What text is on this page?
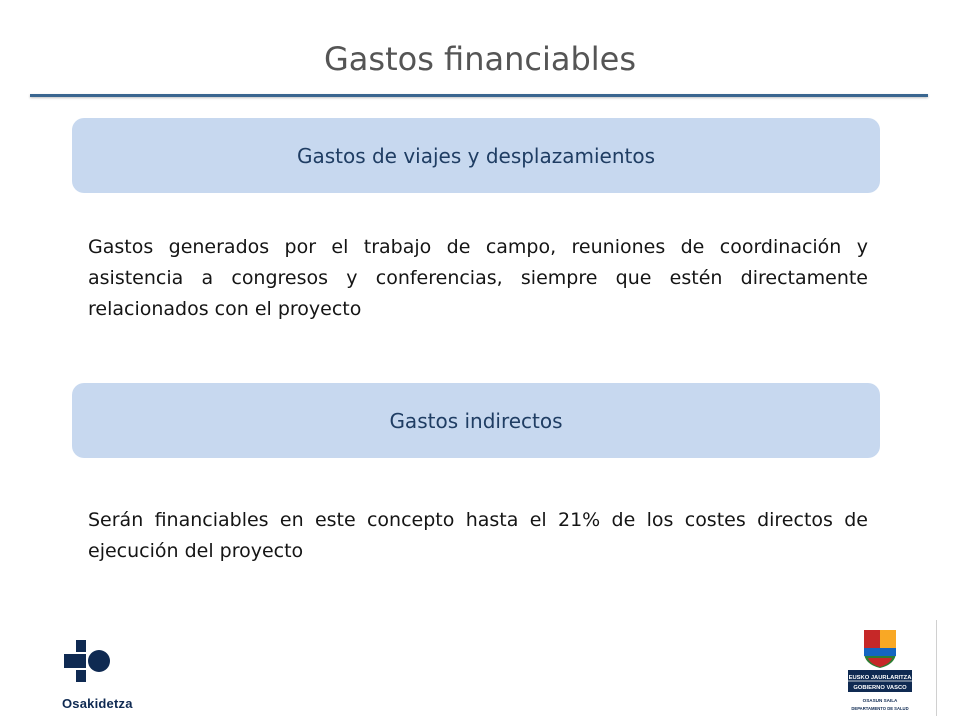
Gastos financiables
Gastos de viajes y desplazamientos
Gastos generados por el trabajo de campo, reuniones de coordinación y asistencia a congresos y conferencias, siempre que estén directamente relacionados con el proyecto
Gastos indirectos
Serán financiables en este concepto hasta el 21% de los costes directos de ejecución del proyecto
Osakidetza
EUSKO JAURLARITZA
GOBIERNO VASCO
OSASUN SAILA
DEPARTAMENTO DE SALUD
